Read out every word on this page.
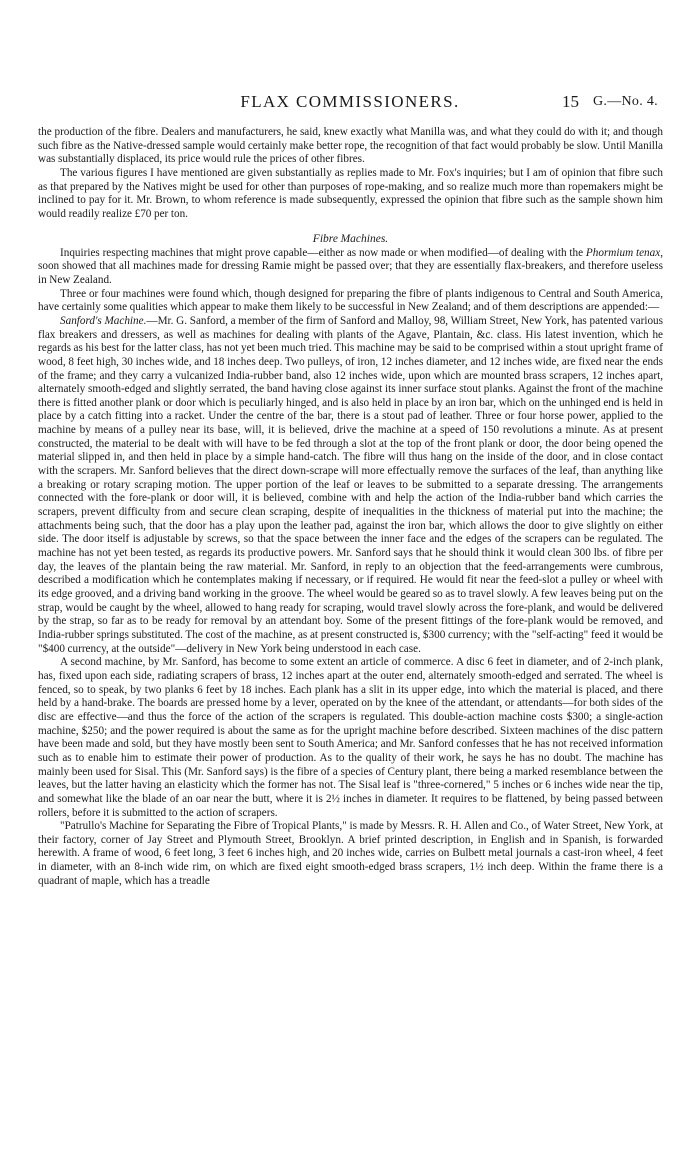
FLAX COMMISSIONERS.	15 G.—No. 4.

the production of the fibre. Dealers and manufacturers, he said, knew exactly what Manilla was, and what they could do with it; and though such fibre as the Native-dressed sample would certainly make better rope, the recognition of that fact would probably be slow. Until Manilla was substantially displaced, its price would rule the prices of other fibres.

The various figures I have mentioned are given substantially as replies made to Mr. Fox's inquiries; but I am of opinion that fibre such as that prepared by the Natives might be used for other than purposes of rope-making, and so realize much more than ropemakers might be inclined to pay for it. Mr. Brown, to whom reference is made subsequently, expressed the opinion that fibre such as the sample shown him would readily realize £70 per ton.

Fibre Machines.

Inquiries respecting machines that might prove capable—either as now made or when modified—of dealing with the Phormium tenax, soon showed that all machines made for dressing Ramie might be passed over; that they are essentially flax-breakers, and therefore useless in New Zealand.

Three or four machines were found which, though designed for preparing the fibre of plants indigenous to Central and South America, have certainly some qualities which appear to make them likely to be successful in New Zealand; and of them descriptions are appended:—

Sanford's Machine.—Mr. G. Sanford, a member of the firm of Sanford and Malloy, 98, William Street, New York, has patented various flax breakers and dressers, as well as machines for dealing with plants of the Agave, Plantain, &c. class. His latest invention, which he regards as his best for the latter class, has not yet been much tried. This machine may be said to be comprised within a stout upright frame of wood, 8 feet high, 30 inches wide, and 18 inches deep. Two pulleys, of iron, 12 inches diameter, and 12 inches wide, are fixed near the ends of the frame; and they carry a vulcanized India-rubber band, also 12 inches wide, upon which are mounted brass scrapers, 12 inches apart, alternately smooth-edged and slightly serrated, the band having close against its inner surface stout planks. Against the front of the machine there is fitted another plank or door which is peculiarly hinged, and is also held in place by an iron bar, which on the unhinged end is held in place by a catch fitting into a racket. Under the centre of the bar, there is a stout pad of leather. Three or four horse power, applied to the machine by means of a pulley near its base, will, it is believed, drive the machine at a speed of 150 revolutions a minute. As at present constructed, the material to be dealt with will have to be fed through a slot at the top of the front plank or door, the door being opened the material slipped in, and then held in place by a simple hand-catch. The fibre will thus hang on the inside of the door, and in close contact with the scrapers. Mr. Sanford believes that the direct down-scrape will more effectually remove the surfaces of the leaf, than anything like a breaking or rotary scraping motion. The upper portion of the leaf or leaves to be submitted to a separate dressing. The arrangements connected with the fore-plank or door will, it is believed, combine with and help the action of the India-rubber band which carries the scrapers, prevent difficulty from and secure clean scraping, despite of inequalities in the thickness of material put into the machine; the attachments being such, that the door has a play upon the leather pad, against the iron bar, which allows the door to give slightly on either side. The door itself is adjustable by screws, so that the space between the inner face and the edges of the scrapers can be regulated. The machine has not yet been tested, as regards its productive powers. Mr. Sanford says that he should think it would clean 300 lbs. of fibre per day, the leaves of the plantain being the raw material. Mr. Sanford, in reply to an objection that the feed-arrangements were cumbrous, described a modification which he contemplates making if necessary, or if required. He would fit near the feed-slot a pulley or wheel with its edge grooved, and a driving band working in the groove. The wheel would be geared so as to travel slowly. A few leaves being put on the strap, would be caught by the wheel, allowed to hang ready for scraping, would travel slowly across the fore-plank, and would be delivered by the strap, so far as to be ready for removal by an attendant boy. Some of the present fittings of the fore-plank would be removed, and India-rubber springs substituted. The cost of the machine, as at present constructed is, $300 currency; with the "self-acting" feed it would be "$400 currency, at the outside"—delivery in New York being understood in each case.

A second machine, by Mr. Sanford, has become to some extent an article of commerce. A disc 6 feet in diameter, and of 2-inch plank, has, fixed upon each side, radiating scrapers of brass, 12 inches apart at the outer end, alternately smooth-edged and serrated. The wheel is fenced, so to speak, by two planks 6 feet by 18 inches. Each plank has a slit in its upper edge, into which the material is placed, and there held by a hand-brake. The boards are pressed home by a lever, operated on by the knee of the attendant, or attendants—for both sides of the disc are effective—and thus the force of the action of the scrapers is regulated. This double-action machine costs $300; a single-action machine, $250; and the power required is about the same as for the upright machine before described. Sixteen machines of the disc pattern have been made and sold, but they have mostly been sent to South America; and Mr. Sanford confesses that he has not received information such as to enable him to estimate their power of production. As to the quality of their work, he says he has no doubt. The machine has mainly been used for Sisal. This (Mr. Sanford says) is the fibre of a species of Century plant, there being a marked resemblance between the leaves, but the latter having an elasticity which the former has not. The Sisal leaf is "three-cornered," 5 inches or 6 inches wide near the tip, and somewhat like the blade of an oar near the butt, where it is 2½ inches in diameter. It requires to be flattened, by being passed between rollers, before it is submitted to the action of scrapers.

"Patrullo's Machine for Separating the Fibre of Tropical Plants," is made by Messrs. R. H. Allen and Co., of Water Street, New York, at their factory, corner of Jay Street and Plymouth Street, Brooklyn. A brief printed description, in English and in Spanish, is forwarded herewith. A frame of wood, 6 feet long, 3 feet 6 inches high, and 20 inches wide, carries on Bulbett metal journals a cast-iron wheel, 4 feet in diameter, with an 8-inch wide rim, on which are fixed eight smooth-edged brass scrapers, 1½ inch deep. Within the frame there is a quadrant of maple, which has a treadle
